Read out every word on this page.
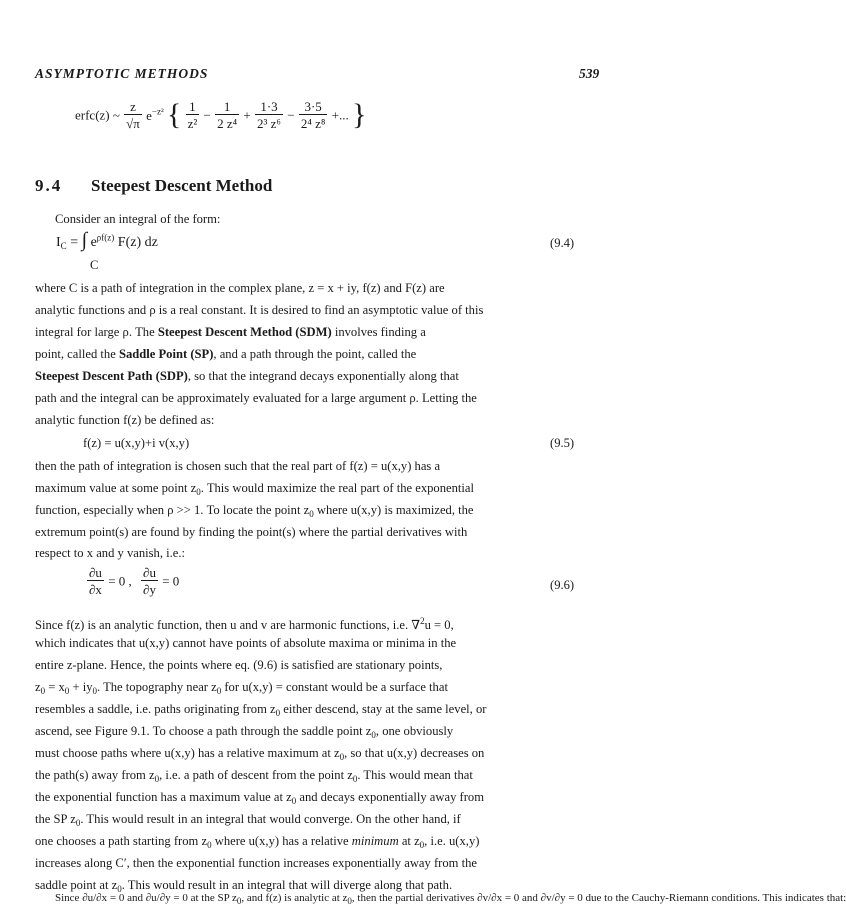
ASYMPTOTIC METHODS	539
erfc(z) ~ $\frac{z}{√\pi} e^{-z^2}$ { $\frac{1}{\text{z²}} - \frac{1}{\text{2 z⁴}} + \frac{1\cdot 3}{\text{2³ z⁶}} - \frac{3\cdot 5}{\text{2⁴ z⁸}}$ +... }
9.4 Steepest Descent Method
Consider an integral of the form:
$I_C$ = ∫ $e^{\rho f(z)}$ F(z) dz
C
(9.4)
where C is a path of integration in the complex plane, z = x + iy, f(z) and F(z) are
analytic functions and ρ is a real constant. It is desired to find an asymptotic value of this
integral for large ρ. The Steepest Descent Method (SDM) involves finding a
point, called the Saddle Point (SP), and a path through the point, called the
Steepest Descent Path (SDP), so that the integrand decays exponentially along that
path and the integral can be approximately evaluated for a large argument ρ. Letting the
analytic function f(z) be defined as:
f(z) = u(x,y)+i v(x,y)	(9.5)
then the path of integration is chosen such that the real part of f(z) = u(x,y) has a
maximum value at some point $z_0$. This would maximize the real part of the exponential
function, especially when ρ >> 1. To locate the point $z_0$ where u(x,y) is maximized, the
extremum point(s) are found by finding the point(s) where the partial derivatives with
respect to x and y vanish, i.e.:
$\frac{\partial u}{\partial x} = 0$ , $\frac{\partial u}{\partial y} = 0$	(9.6)
Since f(z) is an analytic function, then u and v are harmonic functions, i.e. ∇$^2$u = 0,
which indicates that u(x,y) cannot have points of absolute maxima or minima in the
entire z-plane. Hence, the points where eq. (9.6) is satisfied are stationary points,
$z_0 = x_0 + iy_0$. The topography near $z_0$ for u(x,y) = constant would be a surface that
resembles a saddle, i.e. paths originating from $z_0$ either descend, stay at the same level, or
ascend, see Figure 9.1. To choose a path through the saddle point $z_0$, one obviously
must choose paths where u(x,y) has a relative maximum at $z_0$, so that u(x,y) decreases on
the path(s) away from $z_0$, i.e. a path of descent from the point $z_0$. This would mean that
the exponential function has a maximum value at $z_0$ and decays exponentially away from
the SP $z_0$. This would result in an integral that would converge. On the other hand, if
one chooses a path starting from $z_0$ where u(x,y) has a relative minimum at $z_0$, i.e. u(x,y)
increases along C′, then the exponential function increases exponentially away from the
saddle point at $z_0$. This would result in an integral that will diverge along that path.
Since ∂u/∂x = 0 and ∂u/∂y = 0 at the SP $z_0$, and f(z) is analytic at $z_0$, then the partial derivatives ∂v/∂x = 0 and ∂v/∂y = 0 due to the Cauchy-Riemann conditions. This indicates that:
